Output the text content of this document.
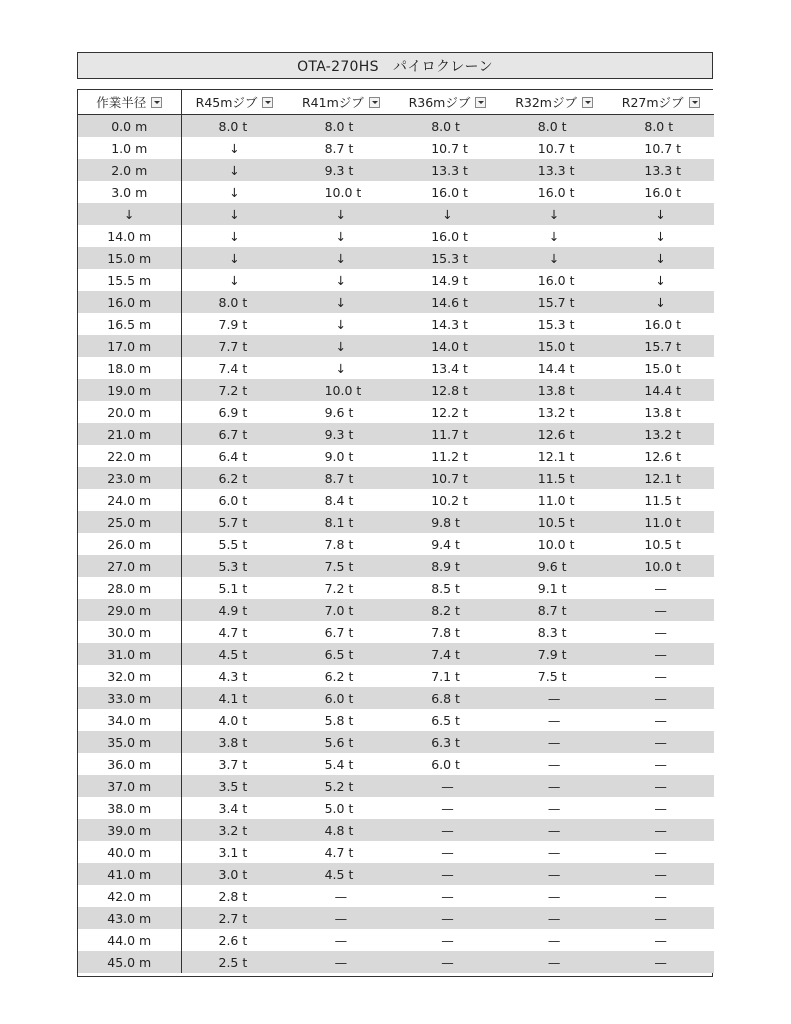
OTA-270HS　パイロクレーン
作業半径	R45mジブ	R41mジブ	R36mジブ	R32mジブ	R27mジブ
0.0 m	8.0 t	8.0 t	8.0 t	8.0 t	8.0 t
1.0 m	↓	8.7 t	10.7 t	10.7 t	10.7 t
2.0 m	↓	9.3 t	13.3 t	13.3 t	13.3 t
3.0 m	↓	10.0 t	16.0 t	16.0 t	16.0 t
↓	↓	↓	↓	↓	↓
14.0 m	↓	↓	16.0 t	↓	↓
15.0 m	↓	↓	15.3 t	↓	↓
15.5 m	↓	↓	14.9 t	16.0 t	↓
16.0 m	8.0 t	↓	14.6 t	15.7 t	↓
16.5 m	7.9 t	↓	14.3 t	15.3 t	16.0 t
17.0 m	7.7 t	↓	14.0 t	15.0 t	15.7 t
18.0 m	7.4 t	↓	13.4 t	14.4 t	15.0 t
19.0 m	7.2 t	10.0 t	12.8 t	13.8 t	14.4 t
20.0 m	6.9 t	9.6 t	12.2 t	13.2 t	13.8 t
21.0 m	6.7 t	9.3 t	11.7 t	12.6 t	13.2 t
22.0 m	6.4 t	9.0 t	11.2 t	12.1 t	12.6 t
23.0 m	6.2 t	8.7 t	10.7 t	11.5 t	12.1 t
24.0 m	6.0 t	8.4 t	10.2 t	11.0 t	11.5 t
25.0 m	5.7 t	8.1 t	9.8 t	10.5 t	11.0 t
26.0 m	5.5 t	7.8 t	9.4 t	10.0 t	10.5 t
27.0 m	5.3 t	7.5 t	8.9 t	9.6 t	10.0 t
28.0 m	5.1 t	7.2 t	8.5 t	9.1 t	—
29.0 m	4.9 t	7.0 t	8.2 t	8.7 t	—
30.0 m	4.7 t	6.7 t	7.8 t	8.3 t	—
31.0 m	4.5 t	6.5 t	7.4 t	7.9 t	—
32.0 m	4.3 t	6.2 t	7.1 t	7.5 t	—
33.0 m	4.1 t	6.0 t	6.8 t	—	—
34.0 m	4.0 t	5.8 t	6.5 t	—	—
35.0 m	3.8 t	5.6 t	6.3 t	—	—
36.0 m	3.7 t	5.4 t	6.0 t	—	—
37.0 m	3.5 t	5.2 t	—	—	—
38.0 m	3.4 t	5.0 t	—	—	—
39.0 m	3.2 t	4.8 t	—	—	—
40.0 m	3.1 t	4.7 t	—	—	—
41.0 m	3.0 t	4.5 t	—	—	—
42.0 m	2.8 t	—	—	—	—
43.0 m	2.7 t	—	—	—	—
44.0 m	2.6 t	—	—	—	—
45.0 m	2.5 t	—	—	—	—
